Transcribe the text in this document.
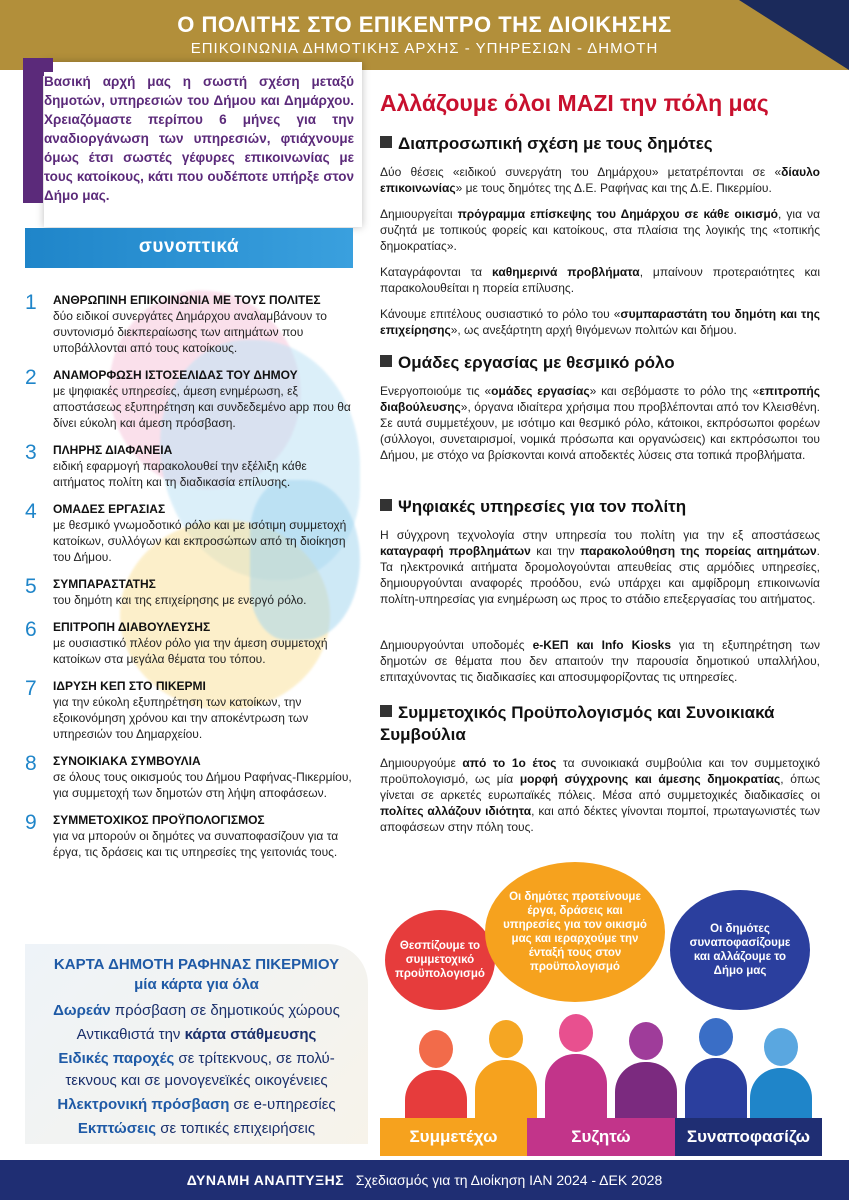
Ο ΠΟΛΙΤΗΣ ΣΤΟ ΕΠΙΚΕΝΤΡΟ ΤΗΣ ΔΙΟΙΚΗΣΗΣ
ΕΠΙΚΟΙΝΩΝΙΑ ΔΗΜΟΤΙΚΗΣ ΑΡΧΗΣ - ΥΠΗΡΕΣΙΩΝ - ΔΗΜΟΤΗ
Βασική αρχή μας η σωστή σχέση μεταξύ δημοτών, υπηρεσιών του Δήμου και Δημάρχου. Χρειαζόμαστε περίπου 6 μήνες για την αναδιοργάνωση των υπηρεσιών, φτιάχνουμε όμως έτσι σωστές γέφυρες επικοινωνίας με τους κατοίκους, κάτι που ουδέποτε υπήρξε στον Δήμο μας.
συνοπτικά
1 ΑΝΘΡΩΠΙΝΗ ΕΠΙΚΟΙΝΩΝΙΑ ΜΕ ΤΟΥΣ ΠΟΛΙΤΕΣ
δύο ειδικοί συνεργάτες Δημάρχου αναλαμβάνουν το συντονισμό διεκπεραίωσης των αιτημάτων που υποβάλλονται από τους κατοίκους.
2 ΑΝΑΜΟΡΦΩΣΗ ΙΣΤΟΣΕΛΙΔΑΣ ΤΟΥ ΔΗΜΟΥ
με ψηφιακές υπηρεσίες, άμεση ενημέρωση, εξ αποστάσεως εξυπηρέτηση και συνδεδεμένο app που θα δίνει εύκολη και άμεση πρόσβαση.
3 ΠΛΗΡΗΣ ΔΙΑΦΑΝΕΙΑ
ειδική εφαρμογή παρακολουθεί την εξέλιξη κάθε αιτήματος πολίτη και τη διαδικασία επίλυσης.
4 ΟΜΑΔΕΣ ΕΡΓΑΣΙΑΣ
με θεσμικό γνωμοδοτικό ρόλο και με ισότιμη συμμετοχή κατοίκων, συλλόγων και εκπροσώπων από τη διοίκηση του Δήμου.
5 ΣΥΜΠΑΡΑΣΤΑΤΗΣ
του δημότη και της επιχείρησης με ενεργό ρόλο.
6 ΕΠΙΤΡΟΠΗ ΔΙΑΒΟΥΛΕΥΣΗΣ
με ουσιαστικό πλέον ρόλο για την άμεση συμμετοχή κατοίκων στα μεγάλα θέματα του τόπου.
7 ΙΔΡΥΣΗ ΚΕΠ ΣΤΟ ΠΙΚΕΡΜΙ
για την εύκολη εξυπηρέτηση των κατοίκων, την εξοικονόμηση χρόνου και την αποκέντρωση των υπηρεσιών του Δημαρχείου.
8 ΣΥΝΟΙΚΙΑΚΑ ΣΥΜΒΟΥΛΙΑ
σε όλους τους οικισμούς του Δήμου Ραφήνας-Πικερμίου, για συμμετοχή των δημοτών στη λήψη αποφάσεων.
9 ΣΥΜΜΕΤΟΧΙΚΟΣ ΠΡΟΫΠΟΛΟΓΙΣΜΟΣ
για να μπορούν οι δημότες να συναποφασίζουν για τα έργα, τις δράσεις και τις υπηρεσίες της γειτονιάς τους.
ΚΑΡΤΑ ΔΗΜΟΤΗ ΡΑΦΗΝΑΣ ΠΙΚΕΡΜΙΟΥ
μία κάρτα για όλα
Δωρεάν πρόσβαση σε δημοτικούς χώρους
Αντικαθιστά την κάρτα στάθμευσης
Ειδικές παροχές σε τρίτεκνους, σε πολύ-
τεκνους και σε μονογενεϊκές οικογένειες
Ηλεκτρονική πρόσβαση σε e-υπηρεσίες
Εκπτώσεις σε τοπικές επιχειρήσεις
Αλλάζουμε όλοι ΜΑΖΙ την πόλη μας
Διαπροσωπική σχέση με τους δημότες
Δύο θέσεις «ειδικού συνεργάτη του Δημάρχου» μετατρέπονται σε «δίαυλο επικοινωνίας» με τους δημότες της Δ.Ε. Ραφήνας και της Δ.Ε. Πικερμίου.
Δημιουργείται πρόγραμμα επίσκεψης του Δημάρχου σε κάθε οικισμό, για να συζητά με τοπικούς φορείς και κατοίκους, στα πλαίσια της λογικής της «τοπικής δημοκρατίας».
Καταγράφονται τα καθημερινά προβλήματα, μπαίνουν προτεραιότητες και παρακολουθείται η πορεία επίλυσης.
Κάνουμε επιτέλους ουσιαστικό το ρόλο του «συμπαραστάτη του δημότη και της επιχείρησης», ως ανεξάρτητη αρχή θιγόμενων πολιτών και δήμου.
Ομάδες εργασίας με θεσμικό ρόλο
Ενεργοποιούμε τις «ομάδες εργασίας» και σεβόμαστε το ρόλο της «επιτροπής διαβούλευσης», όργανα ιδιαίτερα χρήσιμα που προβλέπονται από τον Κλεισθένη. Σε αυτά συμμετέχουν, με ισότιμο και θεσμικό ρόλο, κάτοικοι, εκπρόσωποι φορέων (σύλλογοι, συνεταιρισμοί, νομικά πρόσωπα και οργανώσεις) και εκπρόσωποι του Δήμου, με στόχο να βρίσκονται κοινά αποδεκτές λύσεις στα τοπικά προβλήματα.
Ψηφιακές υπηρεσίες για τον πολίτη
Η σύγχρονη τεχνολογία στην υπηρεσία του πολίτη για την εξ αποστάσεως καταγραφή προβλημάτων και την παρακολούθηση της πορείας αιτημάτων. Τα ηλεκτρονικά αιτήματα δρομολογούνται απευθείας στις αρμόδιες υπηρεσίες, δημιουργούνται αναφορές προόδου, ενώ υπάρχει και αμφίδρομη επικοινωνία πολίτη-υπηρεσίας για ενημέρωση ως προς το στάδιο επεξεργασίας του αιτήματος.
Δημιουργούνται υποδομές e-ΚΕΠ και Info Kiosks για τη εξυπηρέτηση των δημοτών σε θέματα που δεν απαιτούν την παρουσία δημοτικού υπαλλήλου, επιταχύνοντας τις διαδικασίες και αποσυμφορίζοντας τις υπηρεσίες.
Συμμετοχικός Προϋπολογισμός και Συνοικιακά Συμβούλια
Δημιουργούμε από το 1ο έτος τα συνοικιακά συμβούλια και τον συμμετοχικό προϋπολογισμό, ως μία μορφή σύγχρονης και άμεσης δημοκρατίας, όπως γίνεται σε αρκετές ευρωπαϊκές πόλεις. Μέσα από συμμετοχικές διαδικασίες οι πολίτες αλλάζουν ιδιότητα, και από δέκτες γίνονται πομποί, πρωταγωνιστές των αποφάσεων στην πόλη τους.
Θεσπίζουμε το συμμετοχικό προϋπολογισμό
Οι δημότες προτείνουμε έργα, δράσεις και υπηρεσίες για τον οικισμό μας και ιεραρχούμε την ένταξή τους στον προϋπολογισμό
Οι δημότες συναποφασίζουμε και αλλάζουμε το Δήμο μας
Συμμετέχω	Συζητώ	Συναποφασίζω
ΔΥΝΑΜΗ ΑΝΑΠΤΥΞΗΣ Σχεδιασμός για τη Διοίκηση ΙΑΝ 2024 - ΔΕΚ 2028
